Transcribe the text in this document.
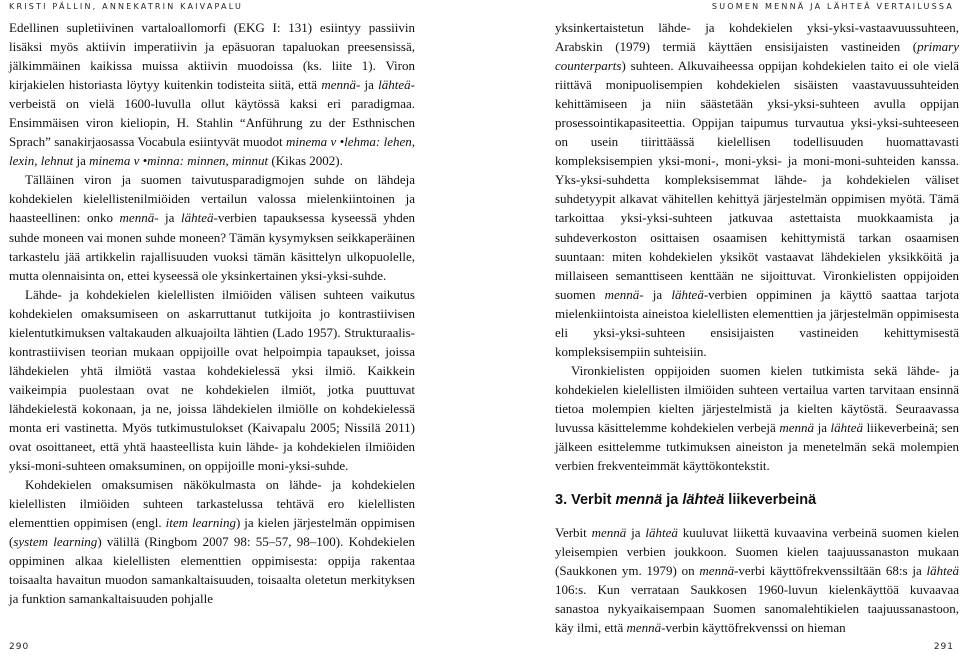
KRISTI PÄLLIN, ANNEKATRIN KAIVAPALU	SUOMEN MENNÄ JA LÄHTEÄ VERTAILUSSA

Edellinen supletiivinen vartaloallomorfi (EKG I: 131) esiintyy passiivin lisäksi myös aktiivin imperatiivin ja epäsuoran tapaluokan preesensissä, jälkimmäinen kaikissa muissa aktiivin muodoissa (ks. liite 1). Viron kirjakielen historiasta löytyy kuitenkin todisteita siitä, että mennä- ja lähteä-verbeistä on vielä 1600-luvulla ollut käytössä kaksi eri paradigmaa. Ensimmäisen viron kieliopin, H. Stahlin “Anführung zu der Esthnischen Sprach” sanakirjaosassa Vocabula esiintyvät muodot minema v •lehma: lehen, lexin, lehnut ja minema v •minna: minnen, minnut (Kikas 2002).

Tälläinen viron ja suomen taivutusparadigmojen suhde on lähdeja kohdekielen kielellistenilmiöiden vertailun valossa mielenkiintoinen ja haasteellinen: onko mennä- ja lähteä-verbien tapauksessa kyseessä yhden suhde moneen vai monen suhde moneen? Tämän kysymyksen seikkaperäinen tarkastelu jää artikkelin rajallisuuden vuoksi tämän käsittelyn ulkopuolelle, mutta olennaisinta on, ettei kyseessä ole yksinkertainen yksi-yksi-suhde.

Lähde- ja kohdekielen kielellisten ilmiöiden välisen suhteen vaikutus kohdekielen omaksumiseen on askarruttanut tutkijoita jo kontrastiivisen kielentutkimuksen valtakauden alkuajoilta lähtien (Lado 1957). Strukturaalis-kontrastiivisen teorian mukaan oppijoille ovat helpoimpia tapaukset, joissa lähdekielen yhtä ilmiötä vastaa kohdekielessä yksi ilmiö. Kaikkein vaikeimpia puolestaan ovat ne kohdekielen ilmiöt, jotka puuttuvat lähdekielestä kokonaan, ja ne, joissa lähdekielen ilmiölle on kohdekielessä monta eri vastinetta. Myös tutkimustulokset (Kaivapalu 2005; Nissilä 2011) ovat osoittaneet, että yhtä haasteellista kuin lähde- ja kohdekielen ilmiöiden yksi-moni-suhteen omaksuminen, on oppijoille moni-yksi-suhde.

Kohdekielen omaksumisen näkökulmasta on lähde- ja kohdekielen kielellisten ilmiöiden suhteen tarkastelussa tehtävä ero kielellisten elementtien oppimisen (engl. item learning) ja kielen järjestelmän oppimisen (system learning) välillä (Ringbom 2007 98: 55–57, 98–100). Kohdekielen oppiminen alkaa kielellisten elementtien oppimisesta: oppija rakentaa toisaalta havaitun muodon samankaltaisuuden, toisaalta oletetun merkityksen ja funktion samankaltaisuuden pohjalle

yksinkertaistetun lähde- ja kohdekielen yksi-yksi-vastaavuussuhteen, Arabskin (1979) termiä käyttäen ensisijaisten vastineiden (primary counterparts) suhteen. Alkuvaiheessa oppijan kohdekielen taito ei ole vielä riittävä monipuolisempien kohdekielen sisäisten vaastavuussuhteiden kehittämiseen ja niin säästetään yksi-yksi-suhteen avulla oppijan prosessointikapasiteettia. Oppijan taipumus turvautua yksi-yksi-suhteeseen on usein tiirittäässä kielellisen todellisuuden huomattavasti kompleksisempien yksi-moni-, moni-yksi- ja moni-moni-suhteiden kanssa. Yks-yksi-suhdetta kompleksisemmat lähde- ja kohdekielen väliset suhdetyypit alkavat vähitellen kehittyä järjestelmän oppimisen myötä. Tämä tarkoittaa yksi-yksi-suhteen jatkuvaa astettaista muokkaamista ja suhdeverkoston osittaisen osaamisen kehittymistä tarkan osaamisen suuntaan: miten kohdekielen yksiköt vastaavat lähdekielen yksikköitä ja millaiseen semanttiseen kenttään ne sijoittuvat. Vironkielisten oppijoiden suomen mennä- ja lähteä-verbien oppiminen ja käyttö saattaa tarjota mielenkiintoista aineistoa kielellisten elementtien ja järjestelmän oppimisesta eli yksi-yksi-suhteen ensisijaisten vastineiden kehittymisestä kompleksisempiin suhteisiin.

Vironkielisten oppijoiden suomen kielen tutkimista sekä lähde- ja kohdekielen kielellisten ilmiöiden suhteen vertailua varten tarvitaan ensinnä tietoa molempien kielten järjestelmistä ja kielten käytöstä. Seuraavassa luvussa käsittelemme kohdekielen verbejä mennä ja lähteä liikeverbeinä; sen jälkeen esittelemme tutkimuksen aineiston ja menetelmän sekä molempien verbien frekventeimmät käyttökontekstit.

3. Verbit mennä ja lähteä liikeverbeinä

Verbit mennä ja lähteä kuuluvat liikettä kuvaavina verbeinä suomen kielen yleisempien verbien joukkoon. Suomen kielen taajuussanaston mukaan (Saukkonen ym. 1979) on mennä-verbi käyttöfrekvenssiltään 68:s ja lähteä 106:s. Kun verrataan Saukkosen 1960-luvun kielenkäyttöä kuvaavaa sanastoa nykyaikaisempaan Suomen sanomalehtikielen taajuussanastoon, käy ilmi, että mennä-verbin käyttöfrekvenssi on hieman

290	291
